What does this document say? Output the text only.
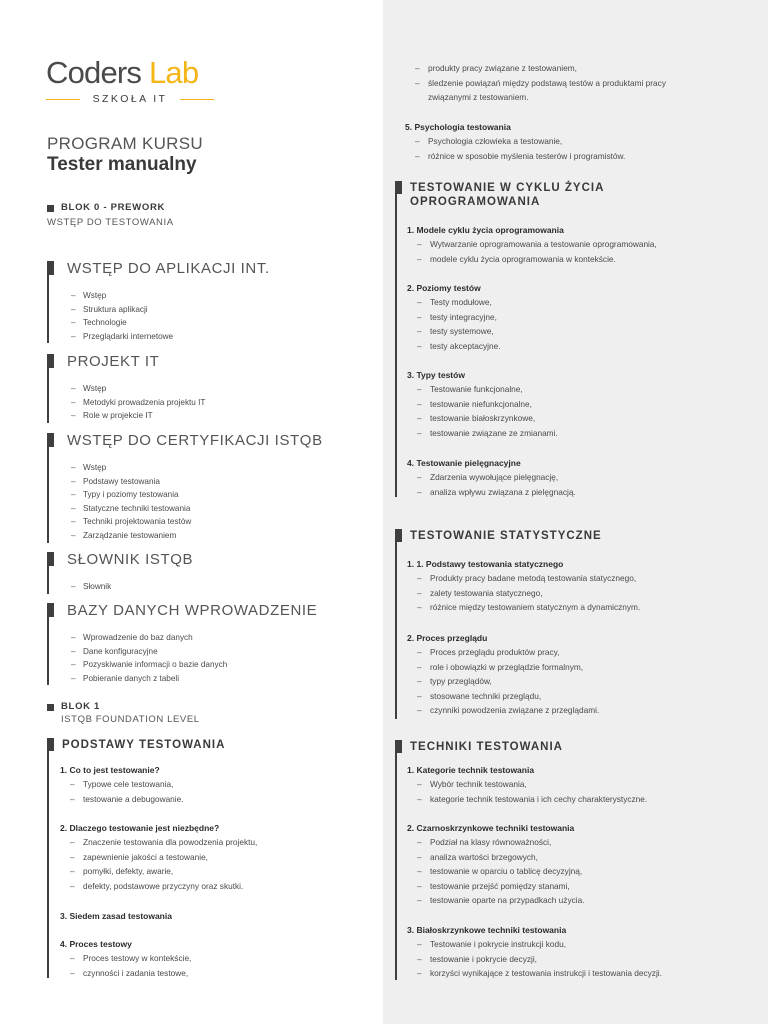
Coders Lab
SZKOŁA IT
PROGRAM KURSU
Tester manualny
BLOK 0 - PREWORK
WSTĘP DO TESTOWANIA
WSTĘP DO APLIKACJI INT.
– Wstęp
– Struktura aplikacji
– Technologie
– Przeglądarki internetowe
PROJEKT IT
– Wstęp
– Metodyki prowadzenia projektu IT
– Role w projekcie IT
WSTĘP DO CERTYFIKACJI ISTQB
– Wstęp
– Podstawy testowania
– Typy i poziomy testowania
– Statyczne techniki testowania
– Techniki projektowania testów
– Zarządzanie testowaniem
SŁOWNIK ISTQB
– Słownik
BAZY DANYCH WPROWADZENIE
– Wprowadzenie do baz danych
– Dane konfiguracyjne
– Pozyskiwanie informacji o bazie danych
– Pobieranie danych z tabeli
BLOK 1
ISTQB FOUNDATION LEVEL
PODSTAWY TESTOWANIA
1. Co to jest testowanie?
– Typowe cele testowania,
– testowanie a debugowanie.
2. Dlaczego testowanie jest niezbędne?
– Znaczenie testowania dla powodzenia projektu,
– zapewnienie jakości a testowanie,
– pomyłki, defekty, awarie,
– defekty, podstawowe przyczyny oraz skutki.
3. Siedem zasad testowania
4. Proces testowy
– Proces testowy w kontekście,
– czynności i zadania testowe,
– produkty pracy związane z testowaniem,
– śledzenie powiązań między podstawą testów a produktami pracy
związanymi z testowaniem.
5. Psychologia testowania
– Psychologia człowieka a testowanie,
– różnice w sposobie myślenia testerów i programistów.
TESTOWANIE W CYKLU ŻYCIA
OPROGRAMOWANIA
1. Modele cyklu życia oprogramowania
– Wytwarzanie oprogramowania a testowanie oprogramowania,
– modele cyklu życia oprogramowania w kontekście.
2. Poziomy testów
– Testy modułowe,
– testy integracyjne,
– testy systemowe,
– testy akceptacyjne.
3. Typy testów
– Testowanie funkcjonalne,
– testowanie niefunkcjonalne,
– testowanie białoskrzynkowe,
– testowanie związane ze zmianami.
4. Testowanie pielęgnacyjne
– Zdarzenia wywołujące pielęgnację,
– analiza wpływu związana z pielęgnacją.
TESTOWANIE STATYSTYCZNE
1. 1. Podstawy testowania statycznego
– Produkty pracy badane metodą testowania statycznego,
– zalety testowania statycznego,
– różnice między testowaniem statycznym a dynamicznym.
2. Proces przeglądu
– Proces przeglądu produktów pracy,
– role i obowiązki w przeglądzie formalnym,
– typy przeglądów,
– stosowane techniki przeglądu,
– czynniki powodzenia związane z przeglądami.
TECHNIKI TESTOWANIA
1. Kategorie technik testowania
– Wybór technik testowania,
– kategorie technik testowania i ich cechy charakterystyczne.
2. Czarnoskrzynkowe techniki testowania
– Podział na klasy równoważności,
– analiza wartości brzegowych,
– testowanie w oparciu o tablicę decyzyjną,
– testowanie przejść pomiędzy stanami,
– testowanie oparte na przypadkach użycia.
3. Białoskrzynkowe techniki testowania
– Testowanie i pokrycie instrukcji kodu,
– testowanie i pokrycie decyzji,
– korzyści wynikające z testowania instrukcji i testowania decyzji.
